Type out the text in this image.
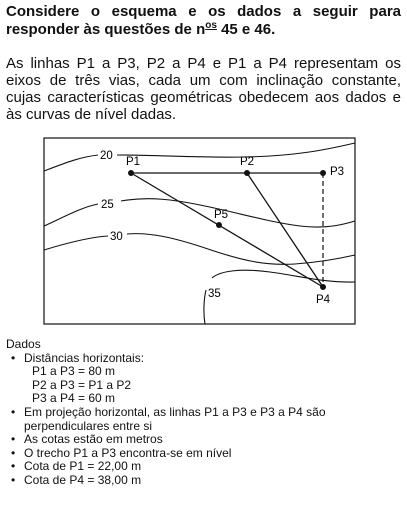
Considere o esquema e os dados a seguir para responder às questões de $n^{os}$ 45 e 46.
As linhas P1 a P3, P2 a P4 e P1 a P4 representam os eixos de três vias, cada um com inclinação constante, cujas características geométricas obedecem aos dados e às curvas de nível dadas.
20
25
30
35
P1	P2
P3
P4
P5
Dados
• Distâncias horizontais:
P1 a P3 = 80 m
P2 a P3 = P1 a P2
P3 a P4 = 60 m
• Em projeção horizontal, as linhas P1 a P3 e P3 a P4 são perpendiculares entre si
• As cotas estão em metros
• O trecho P1 a P3 encontra-se em nível
• Cota de P1 = 22,00 m
• Cota de P4 = 38,00 m
